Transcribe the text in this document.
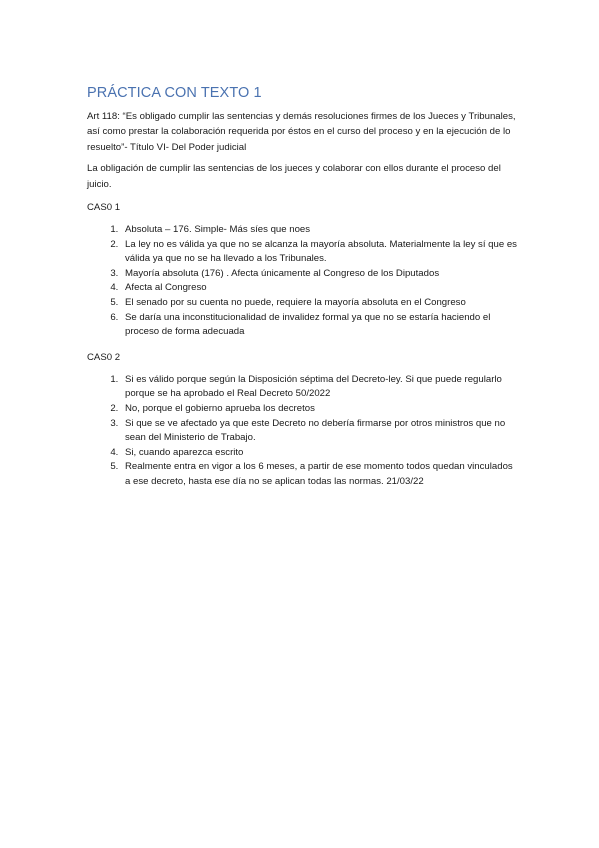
PRÁCTICA CON TEXTO 1

Art 118: “Es obligado cumplir las sentencias y demás resoluciones firmes de los Jueces y Tribunales, así como prestar la colaboración requerida por éstos en el curso del proceso y en la ejecución de lo resuelto”- Título VI- Del Poder judicial

La obligación de cumplir las sentencias de los jueces y colaborar con ellos durante el proceso del juicio.

CAS0 1
1. Absoluta – 176. Simple- Más síes que noes
2. La ley no es válida ya que no se alcanza la mayoría absoluta. Materialmente la ley sí que es válida ya que no se ha llevado a los Tribunales.
3. Mayoría absoluta (176) . Afecta únicamente al Congreso de los Diputados
4. Afecta al Congreso
5. El senado por su cuenta no puede, requiere la mayoría absoluta en el Congreso
6. Se daría una inconstitucionalidad de invalidez formal ya que no se estaría haciendo el proceso de forma adecuada
CAS0 2
1. Si es válido porque según la Disposición séptima del Decreto-ley. Si que puede regularlo porque se ha aprobado el Real Decreto 50/2022
2. No, porque el gobierno aprueba los decretos
3. Si que se ve afectado ya que este Decreto no debería firmarse por otros ministros que no sean del Ministerio de Trabajo.
4. Si, cuando aparezca escrito
5. Realmente entra en vigor a los 6 meses, a partir de ese momento todos quedan vinculados a ese decreto, hasta ese día no se aplican todas las normas. 21/03/22
